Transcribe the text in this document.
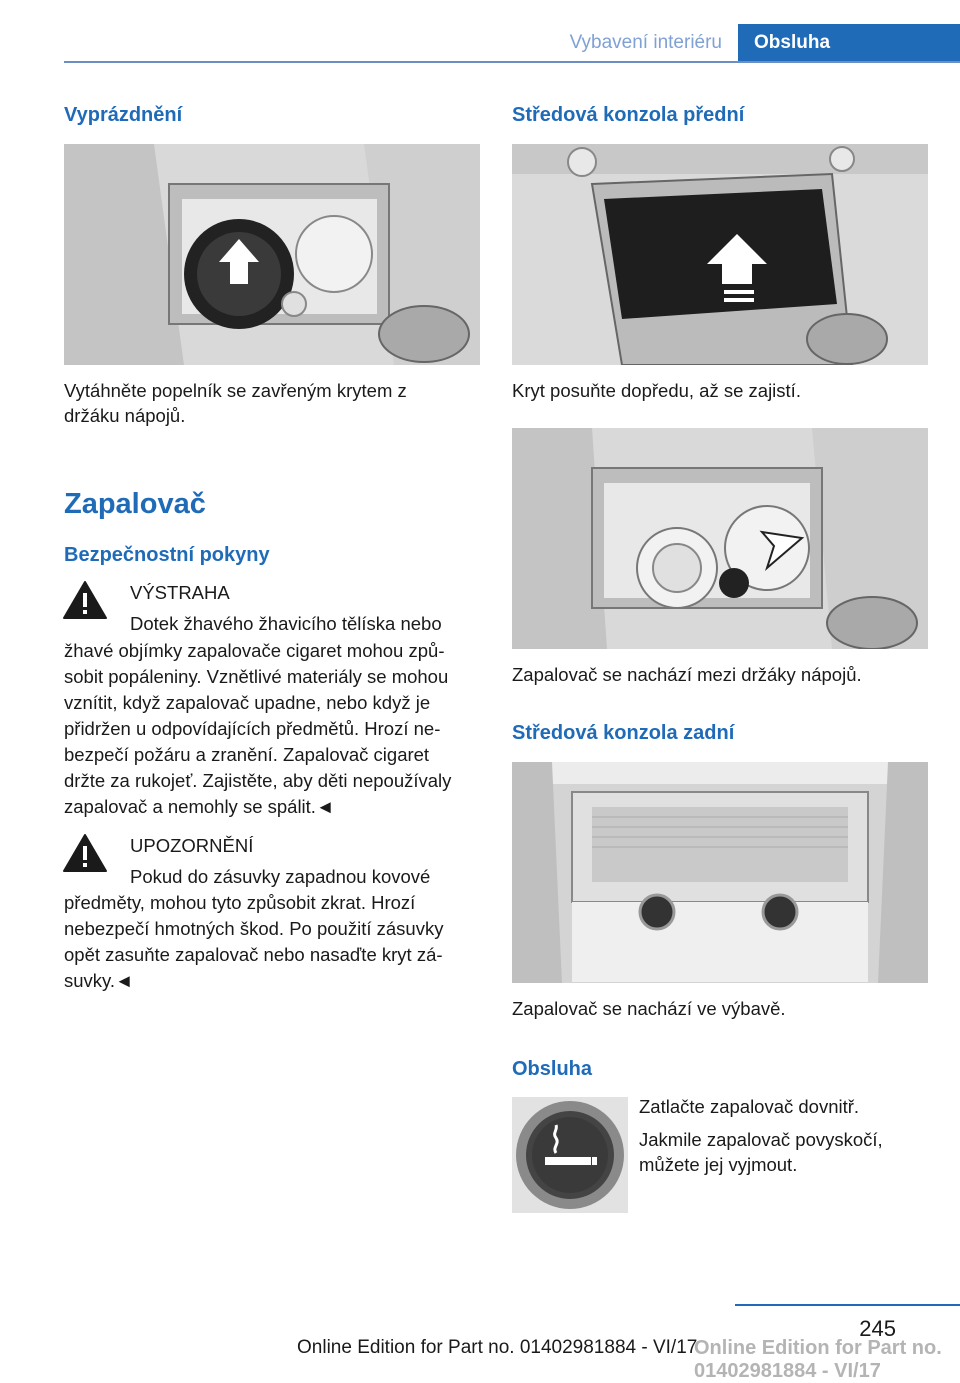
Vybavení interiéru	Obsluha
Vyprázdnění
Vytáhněte popelník se zavřeným krytem z
držáku nápojů.
Zapalovač
Bezpečnostní pokyny
VÝSTRAHA
Dotek žhavého žhavicího tělíska nebo
žhavé objímky zapalovače cigaret mohou způ-
sobit popáleniny. Vznětlivé materiály se mohou
vznítit, když zapalovač upadne, nebo když je
přidržen u odpovídajících předmětů. Hrozí ne-
bezpečí požáru a zranění. Zapalovač cigaret
držte za rukojeť. Zajistěte, aby děti nepoužívaly
zapalovač a nemohly se spálit.◄
UPOZORNĚNÍ
Pokud do zásuvky zapadnou kovové
předměty, mohou tyto způsobit zkrat. Hrozí
nebezpečí hmotných škod. Po použití zásuvky
opět zasuňte zapalovač nebo nasaďte kryt zá-
suvky.◄
Středová konzola přední
Kryt posuňte dopředu, až se zajistí.
Zapalovač se nachází mezi držáky nápojů.
Středová konzola zadní
Zapalovač se nachází ve výbavě.
Obsluha
Zatlačte zapalovač dovnitř.
Jakmile zapalovač povyskočí,
můžete jej vyjmout.
245
Online Edition for Part no. 01402981884 - VI/17
Online Edition for Part no. 01402981884 - VI/17
